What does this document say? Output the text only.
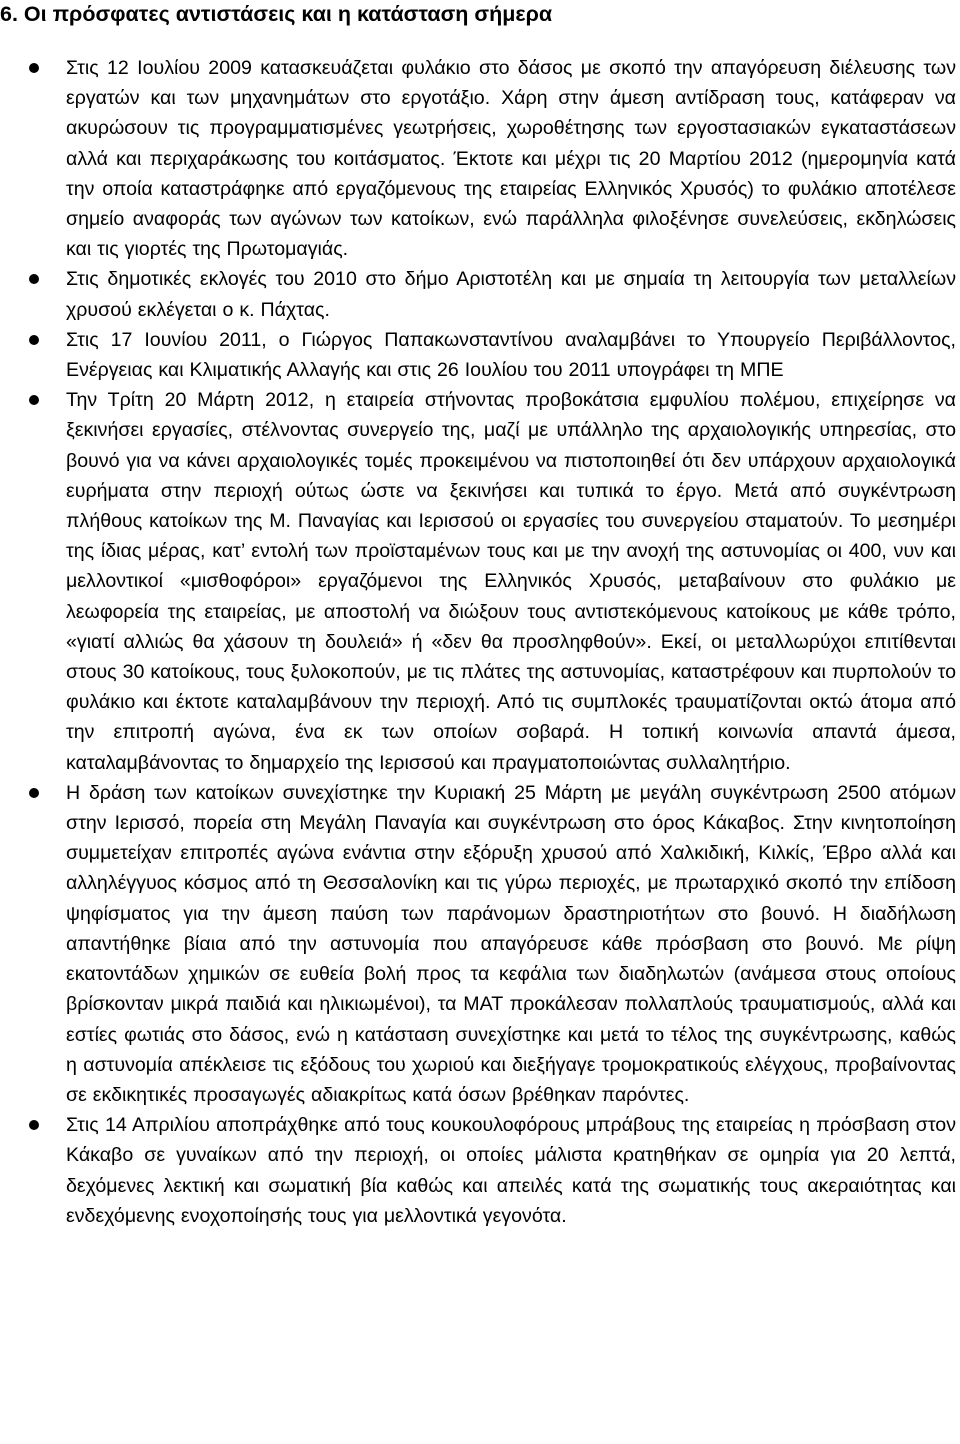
6. Οι πρόσφατες αντιστάσεις και η κατάσταση σήμερα
Στις 12 Ιουλίου 2009 κατασκευάζεται φυλάκιο στο δάσος με σκοπό την απαγόρευση διέλευσης των εργατών και των μηχανημάτων στο εργοτάξιο. Χάρη στην άμεση αντίδραση τους, κατάφεραν να ακυρώσουν τις προγραμματισμένες γεωτρήσεις, χωροθέτησης των εργοστασιακών εγκαταστάσεων αλλά και περιχαράκωσης του κοιτάσματος. Έκτοτε και μέχρι τις 20 Μαρτίου 2012 (ημερομηνία κατά την οποία καταστράφηκε από εργαζόμενους της εταιρείας Ελληνικός Χρυσός) το φυλάκιο αποτέλεσε σημείο αναφοράς των αγώνων των κατοίκων, ενώ παράλληλα φιλοξένησε συνελεύσεις, εκδηλώσεις και τις γιορτές της Πρωτομαγιάς.
Στις δημοτικές εκλογές του 2010 στο δήμο Αριστοτέλη και με σημαία τη λειτουργία των μεταλλείων χρυσού εκλέγεται ο κ. Πάχτας.
Στις 17 Ιουνίου 2011, ο Γιώργος Παπακωνσταντίνου αναλαμβάνει το Υπουργείο Περιβάλλοντος, Ενέργειας και Κλιματικής Αλλαγής και στις 26 Ιουλίου του 2011 υπογράφει τη ΜΠΕ
Την Τρίτη 20 Μάρτη 2012, η εταιρεία στήνοντας προβοκάτσια εμφυλίου πολέμου, επιχείρησε να ξεκινήσει εργασίες, στέλνοντας συνεργείο της, μαζί με υπάλληλο της αρχαιολογικής υπηρεσίας, στο βουνό για να κάνει αρχαιολογικές τομές προκειμένου να πιστοποιηθεί ότι δεν υπάρχουν αρχαιολογικά ευρήματα στην περιοχή ούτως ώστε να ξεκινήσει και τυπικά το έργο. Μετά από συγκέντρωση πλήθους κατοίκων της Μ. Παναγίας και Ιερισσού οι εργασίες του συνεργείου σταματούν. Το μεσημέρι της ίδιας μέρας, κατ’ εντολή των προϊσταμένων τους και με την ανοχή της αστυνομίας οι 400, νυν και μελλοντικοί «μισθοφόροι» εργαζόμενοι της Ελληνικός Χρυσός, μεταβαίνουν στο φυλάκιο με λεωφορεία της εταιρείας, με αποστολή να διώξουν τους αντιστεκόμενους κατοίκους με κάθε τρόπο, «γιατί αλλιώς θα χάσουν τη δουλειά» ή «δεν θα προσληφθούν». Εκεί, οι μεταλλωρύχοι επιτίθενται στους 30 κατοίκους, τους ξυλοκοπούν, με τις πλάτες της αστυνομίας, καταστρέφουν και πυρπολούν το φυλάκιο και έκτοτε καταλαμβάνουν την περιοχή. Από τις συμπλοκές τραυματίζονται οκτώ άτομα από την επιτροπή αγώνα, ένα εκ των οποίων σοβαρά. Η τοπική κοινωνία απαντά άμεσα, καταλαμβάνοντας το δημαρχείο της Ιερισσού και πραγματοποιώντας συλλαλητήριο.
Η δράση των κατοίκων συνεχίστηκε την Κυριακή 25 Μάρτη με μεγάλη συγκέντρωση 2500 ατόμων στην Ιερισσό, πορεία στη Μεγάλη Παναγία και συγκέντρωση στο όρος Κάκαβος. Στην κινητοποίηση συμμετείχαν επιτροπές αγώνα ενάντια στην εξόρυξη χρυσού από Χαλκιδική, Κιλκίς, Έβρο αλλά και αλληλέγγυος κόσμος από τη Θεσσαλονίκη και τις γύρω περιοχές, με πρωταρχικό σκοπό την επίδοση ψηφίσματος για την άμεση παύση των παράνομων δραστηριοτήτων στο βουνό. Η διαδήλωση απαντήθηκε βίαια από την αστυνομία που απαγόρευσε κάθε πρόσβαση στο βουνό. Με ρίψη εκατοντάδων χημικών σε ευθεία βολή προς τα κεφάλια των διαδηλωτών (ανάμεσα στους οποίους βρίσκονταν μικρά παιδιά και ηλικιωμένοι), τα ΜΑΤ προκάλεσαν πολλαπλούς τραυματισμούς, αλλά και εστίες φωτιάς στο δάσος, ενώ η κατάσταση συνεχίστηκε και μετά το τέλος της συγκέντρωσης, καθώς η αστυνομία απέκλεισε τις εξόδους του χωριού και διεξήγαγε τρομοκρατικούς ελέγχους, προβαίνοντας σε εκδικητικές προσαγωγές αδιακρίτως κατά όσων βρέθηκαν παρόντες.
Στις 14 Απριλίου αποπράχθηκε από τους κουκουλοφόρους μπράβους της εταιρείας η πρόσβαση στον Κάκαβο σε γυναίκων από την περιοχή, οι οποίες μάλιστα κρατηθήκαν σε ομηρία για 20 λεπτά, δεχόμενες λεκτική και σωματική βία καθώς και απειλές κατά της σωματικής τους ακεραιότητας και ενδεχόμενης ενοχοποίησής τους για μελλοντικά γεγονότα.
